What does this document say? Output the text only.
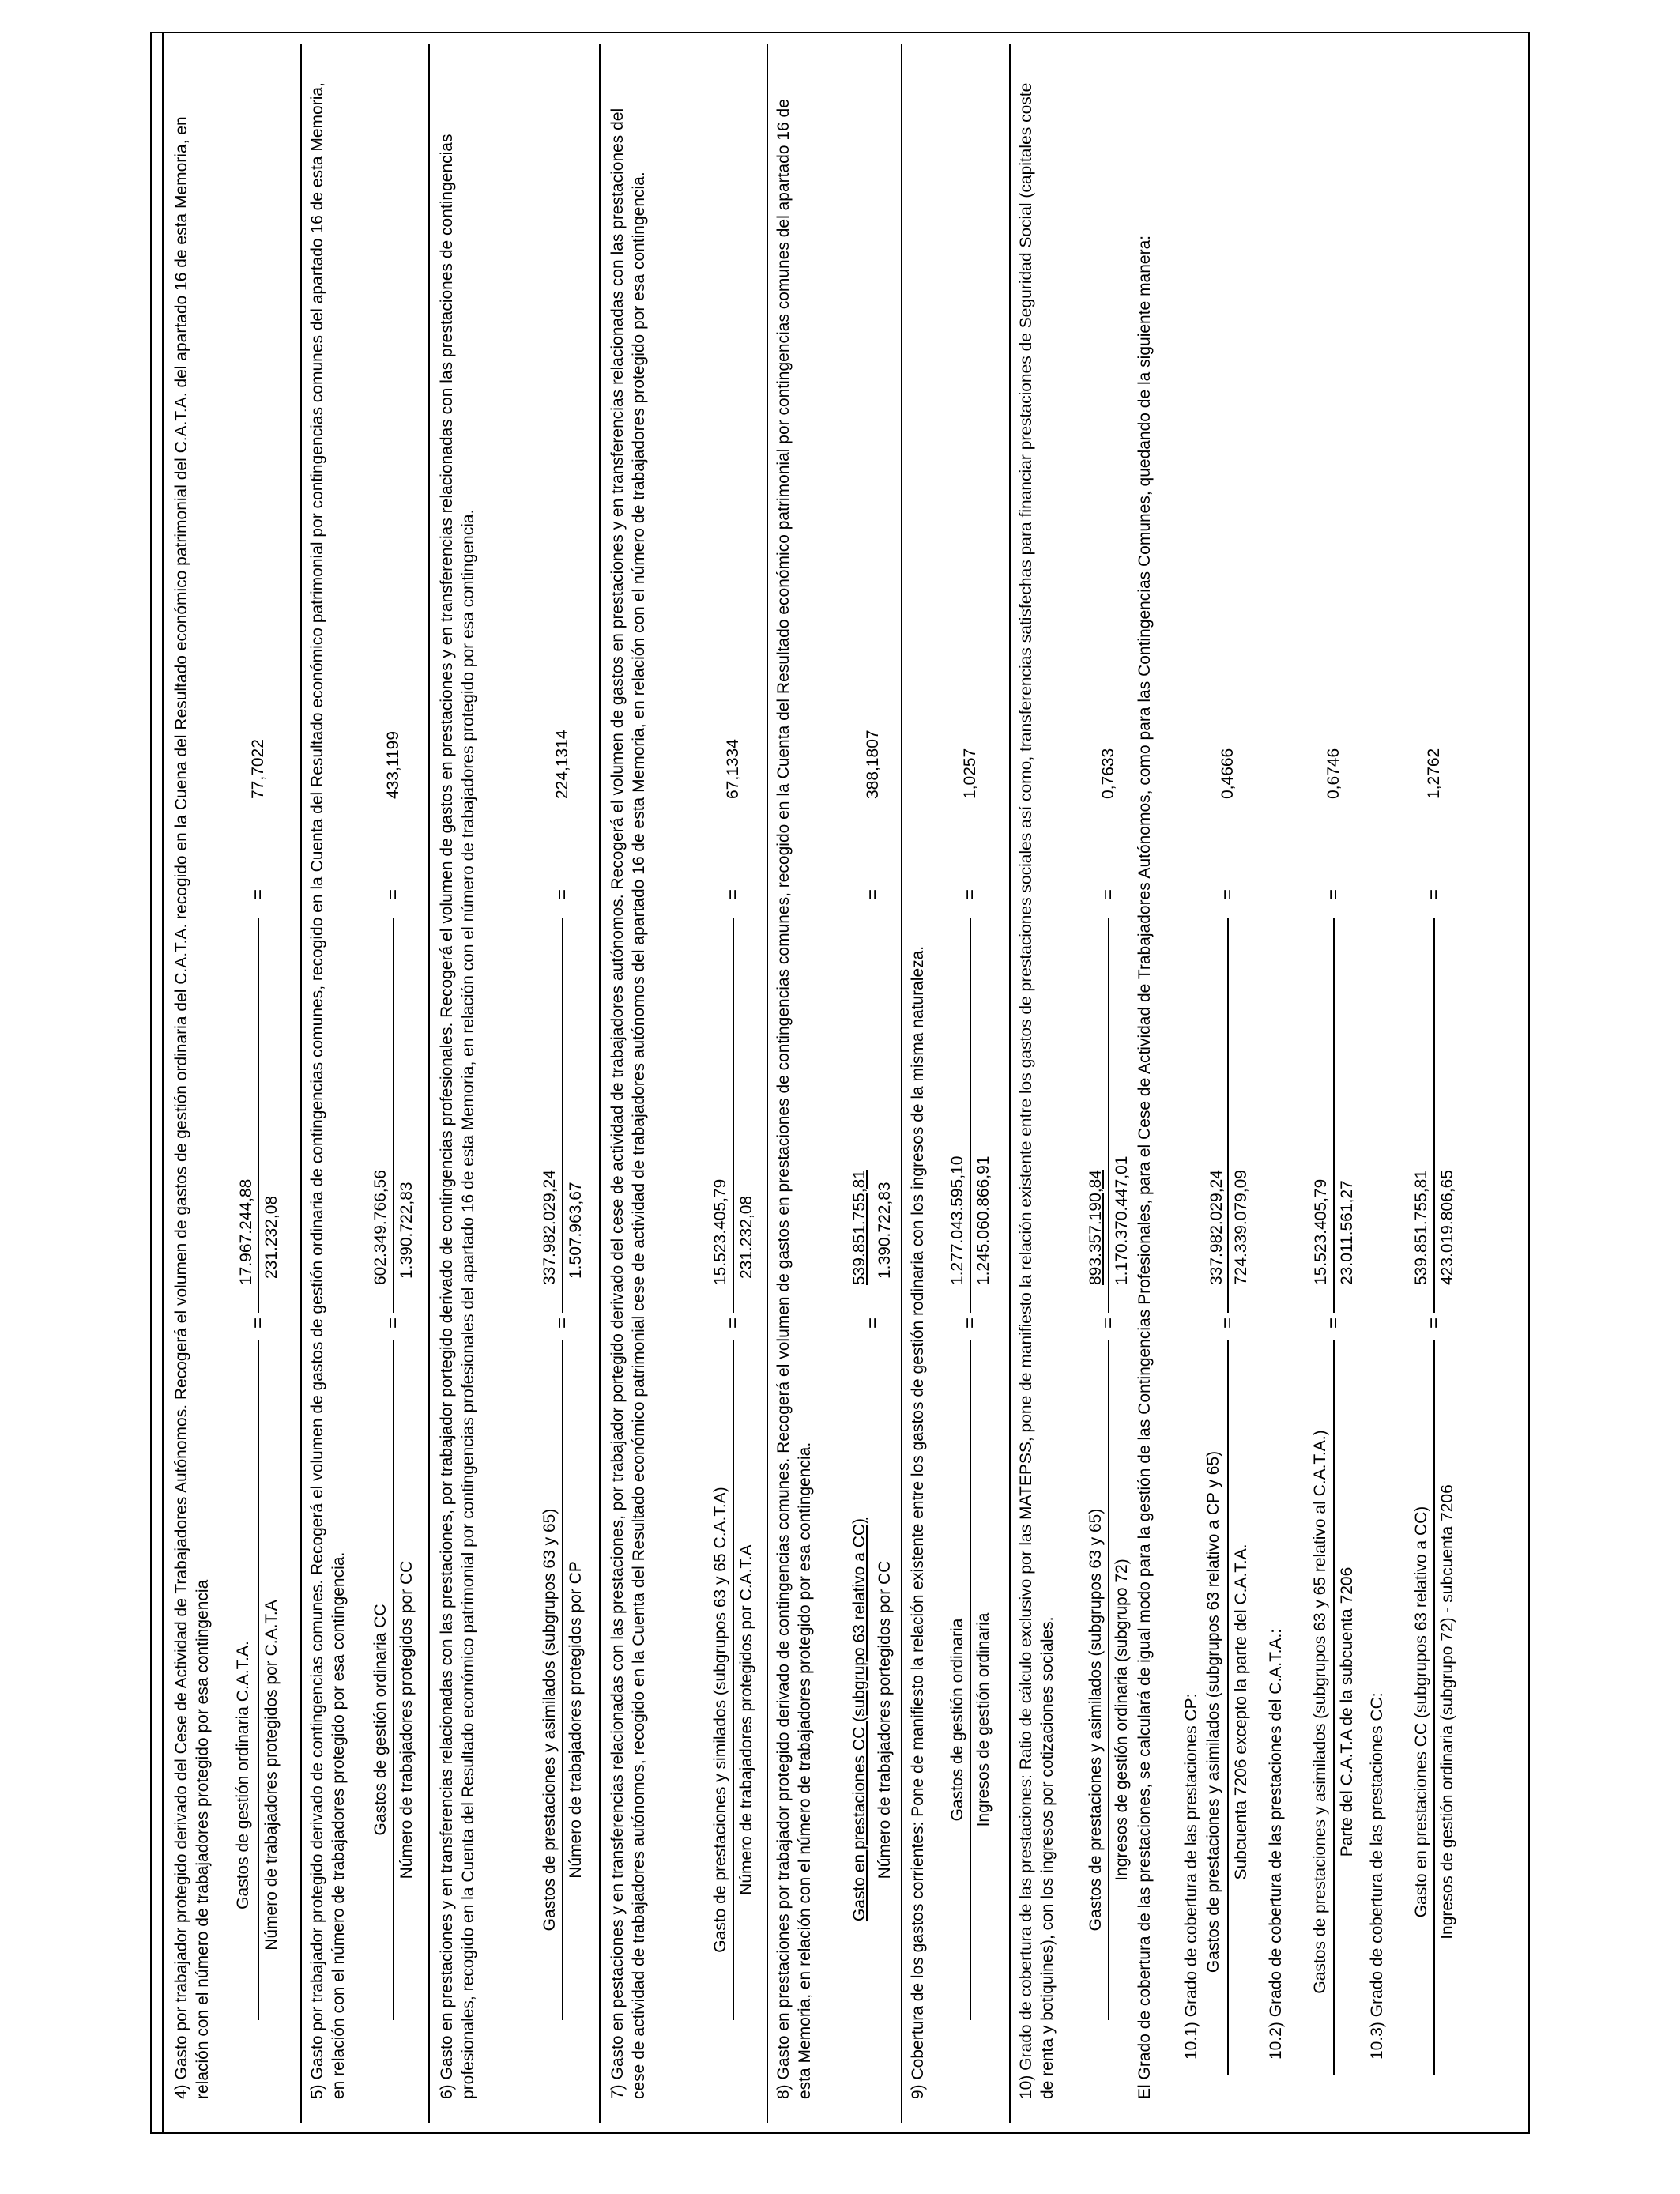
4) Gasto por trabajador protegido derivado del Cese de Actividad de Trabajadores Autónomos. Recogerá el volumen de gastos de gestión ordinaria del C.A.T.A. recogido en la Cuena del Resultado económico patrimonial del C.A.T.A. del apartado 16 de esta Memoria, en relación con el número de trabajadores protegido por esa contingencia Gastos de gestión ordinaria C.A.T.A. Número de trabajadores protegidos por C.A.T.A
=
17.967.244,88 231.232,08
=
77,7022 5) Gasto por trabajador protegido derivado de contingencias comunes. Recogerá el volumen de gastos de gestión ordinaria de contingencias comunes, recogido en la Cuenta del Resultado económico patrimonial por contingencias comunes del apartado 16 de esta Memoria, en relación con el número de trabajadores protegido por esa contingencia. Gastos de gestión ordinaria CC Número de trabajadores protegidos por CC
=
602.349.766,56 1.390.722,83
=
433,1199 6) Gasto en prestaciones y en transferencias relacionadas con las prestaciones, por trabajador portegido derivado de contingencias profesionales. Recogerá el volumen de gastos en prestaciones y en transferencias relacionadas con las prestaciones de contingencias profesionales, recogido en la Cuenta del Resultado económico patrimonial por contingencias profesionales del apartado 16 de esta Memoria, en relación con el número de trabajadores protegido por esa contingencia.	Gastos de prestaciones y asimilados (subgrupos 63 y 65) Número de trabajadores protegidos por CP
=
337.982.029,24 1.507.963,67
=
224,1314 7) Gasto en pestaciones y en transferencias relacionadas con las prestaciones, por trabajador portegido derivado del cese de actividad de trabajadores autónomos. Recogerá el volumen de gastos en prestaciones y en transferencias relacionadas con las prestaciones del cese de actividad de trabajadores autónomos, recogido en la Cuenta del Resultado económico patrimonial cese de actividad de trabajadores autónomos del apartado 16 de esta Memoria, en relación con el número de trabajadores protegido por esa contingencia.	Gasto de prestaciones y similados (subgrupos 63 y 65 C.A.T.A) Número de trabajadores protegidos por C.A.T.A
=
15.523.405,79 231.232,08
=
67,1334 8) Gasto en prestaciones por trabajador protegido derivado de contingencias comunes. Recogerá el volumen de gastos en prestaciones de contingencias comunes, recogido en la Cuenta del Resultado económico patrimonial por contingencias comunes del apartado 16 de esta Memoria, en relación con el número de trabajadores protegido por esa contingencia. Gasto en prestaciones CC (subgrupo 63 relativo a CC) Número de trabajadores portegidos por CC
=
539.851.755,81 1.390.722,83
=
388,1807

9) Cobertura de los gastos corrientes: Pone de manifiesto la relación existente entre los gastos de gestión rodinaria con los ingresos de la misma naturaleza. Gastos de gestión ordinaria Ingresos de gestión ordinaria
=
1.277.043.595,10 1.245.060.866,91
=
1,0257 10) Grado de cobertura de las prestaciones: Ratio de cálculo exclusivo por las MATEPSS, pone de manifiesto la relación existente entre los gastos de prestaciones sociales así como, transferencias satisfechas para financiar prestaciones de Seguridad Social (capitales coste de renta y botiquines), con los ingresos por cotizaciones sociales. Gastos de prestaciones y asimilados (subgrupos 63 y 65) Ingresos de gestión ordinaria (subgrupo 72)
=
893.357.190,84 1.170.370.447,01
=
0,7633 El Grado de cobertura de las prestaciones, se calculará de igual modo para la gestión de las Contingencias Profesionales, para el Cese de Actividad de Trabajadores Autónomos, como para las Contingencias Comunes, quedando de la siguiente manera: 10.1) Grado de cobertura de las prestaciones CP: Gastos de prestaciones y asimilados (subgrupos 63 relativo a CP y 65) Subcuenta 7206 excepto la parte del C.A.T.A.
=
337.982.029,24 724.339.079,09
=
0,4666
10.2) Grado de cobertura de las prestaciones del C.A.T.A.: Gastos de prestaciones y asimilados (subgrupos 63 y 65 relativo al C.A.T.A.) Parte del C.A.T.A de la subcuenta 7206
=
15.523.405,79 23.011.561,27
=
0,6746
10.3) Grado de cobertura de las prestaciones CC: Gasto en prestaciones CC (subgrupos 63 relativo a CC) Ingresos de gestión ordinaria (subgrupo 72) - subcuenta 7206
=
539.851.755,81 423.019.806,65
=
1,2762
